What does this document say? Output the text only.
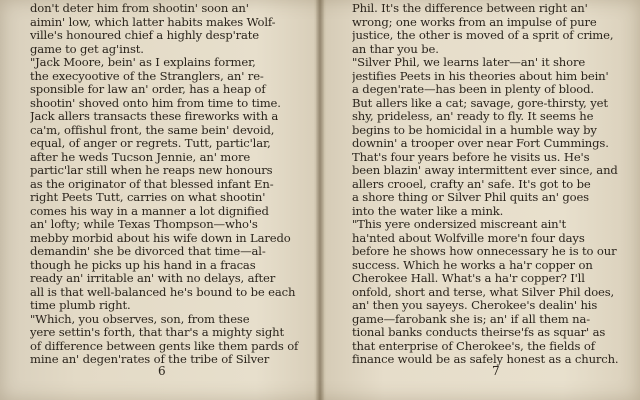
don't deter him from shootin' soon an'
aimin' low, which latter habits makes Wolf-
ville's honoured chief a highly desp'rate
game to get ag'inst.
"Jack Moore, bein' as I explains former,
the execyootive of the Stranglers, an' re-
sponsible for law an' order, has a heap of
shootin' shoved onto him from time to time.
Jack allers transacts these fireworks with a
ca'm, offishul front, the same bein' devoid,
equal, of anger or regrets. Tutt, partic'lar,
after he weds Tucson Jennie, an' more
partic'lar still when he reaps new honours
as the originator of that blessed infant En-
right Peets Tutt, carries on what shootin'
comes his way in a manner a lot dignified
an' lofty; while Texas Thompson—who's
mebby morbid about his wife down in Laredo
demandin' she be divorced that time—al-
though he picks up his hand in a fracas
ready an' irritable an' with no delays, after
all is that well-balanced he's bound to be each
time plumb right.
"Which, you observes, son, from these
yere settin's forth, that thar's a mighty sight
of difference between gents like them pards of
mine an' degen'rates of the tribe of Silver
6
Phil. It's the difference between right an'
wrong; one works from an impulse of pure
justice, the other is moved of a sprit of crime,
an thar you be.
"Silver Phil, we learns later—an' it shore
jestifies Peets in his theories about him bein'
a degen'rate—has been in plenty of blood.
But allers like a cat; savage, gore-thirsty, yet
shy, prideless, an' ready to fly. It seems he
begins to be homicidal in a humble way by
downin' a trooper over near Fort Cummings.
That's four years before he visits us. He's
been blazin' away intermittent ever since, and
allers crooel, crafty an' safe. It's got to be
a shore thing or Silver Phil quits an' goes
into the water like a mink.
"This yere ondersized miscreant ain't
ha'nted about Wolfville more'n four days
before he shows how onnecessary he is to our
success. Which he works a ha'r copper on
Cherokee Hall. What's a ha'r copper? I'll
onfold, short and terse, what Silver Phil does,
an' then you sayeys. Cherokee's dealin' his
game—farobank she is; an' if all them na-
tional banks conducts theirse'fs as squar' as
that enterprise of Cherokee's, the fields of
finance would be as safely honest as a church.
7
